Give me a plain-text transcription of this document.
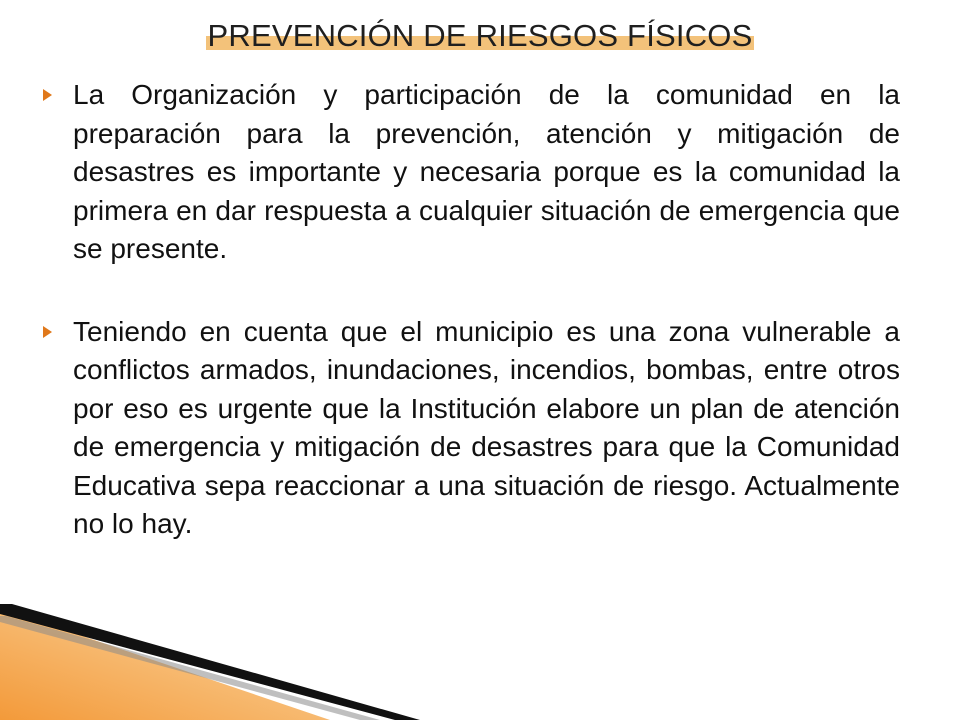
PREVENCIÓN DE RIESGOS FÍSICOS
La Organización y participación de la comunidad en la preparación para la prevención, atención y mitigación de desastres es importante y necesaria porque es la comunidad la primera en dar respuesta a cualquier situación de emergencia que se presente.
Teniendo en cuenta que el municipio es una zona vulnerable a conflictos armados, inundaciones, incendios, bombas, entre otros por eso es urgente que la Institución elabore un plan de atención de emergencia y mitigación de desastres para que la Comunidad Educativa sepa reaccionar a una situación de riesgo. Actualmente no lo hay.
